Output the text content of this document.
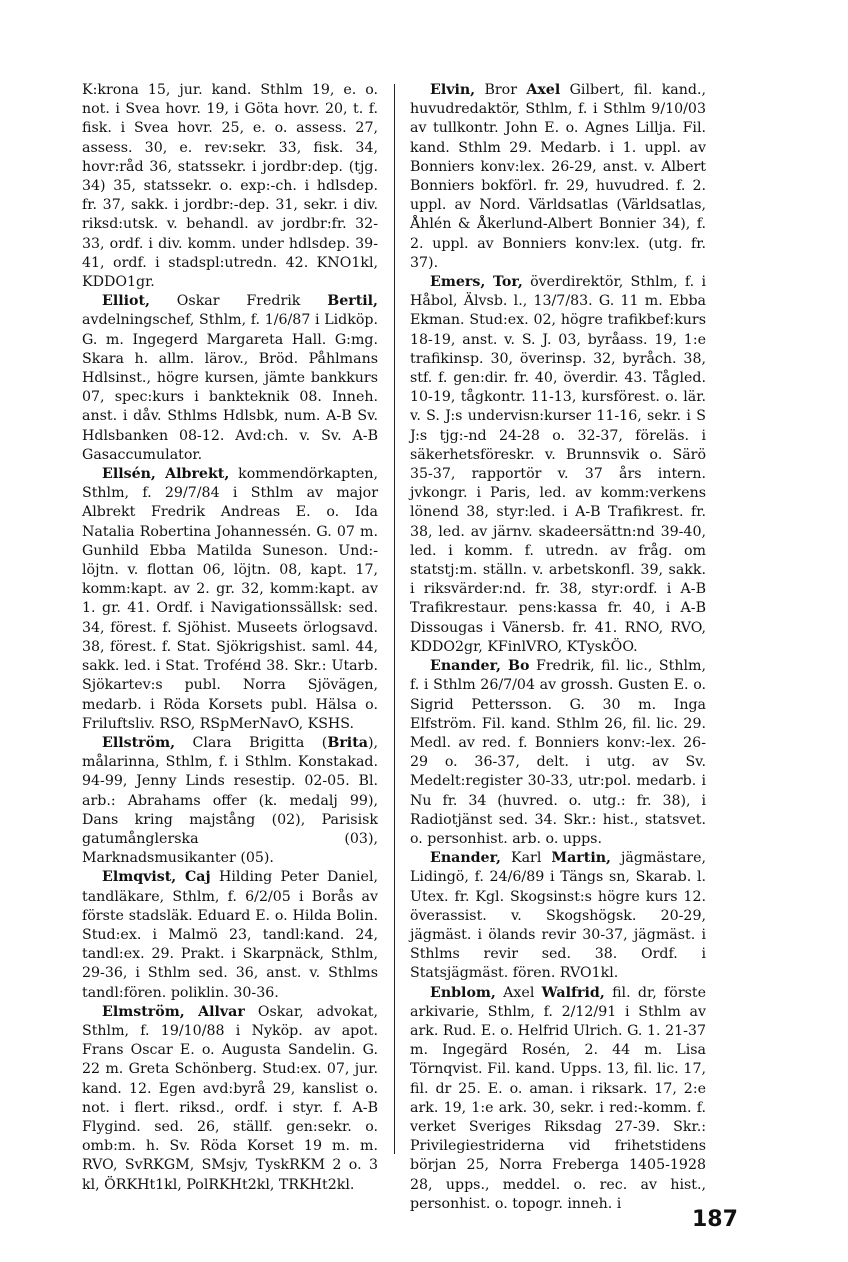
K:krona 15, jur. kand. Sthlm 19, e. o. not. i Svea hovr. 19, i Göta hovr. 20, t. f. fisk. i Svea hovr. 25, e. o. assess. 27, assess. 30, e. rev:sekr. 33, fisk. 34, hovr:råd 36, statssekr. i jordbr:dep. (tjg. 34) 35, statssekr. o. exp:-ch. i hdlsdep. fr. 37, sakk. i jordbr:-dep. 31, sekr. i div. riksd:utsk. v. behandl. av jordbr:fr. 32-33, ordf. i div. komm. under hdlsdep. 39-41, ordf. i stadspl:utredn. 42. KNO1kl, KDDO1gr.

Elliot, Oskar Fredrik Bertil, avdelningschef, Sthlm, f. 1/6/87 i Lidköp. G. m. Ingegerd Margareta Hall. G:mg. Skara h. allm. lärov., Bröd. Påhlmans Hdlsinst., högre kursen, jämte bankkurs 07, spec:kurs i bankteknik 08. Inneh. anst. i dåv. Sthlms Hdlsbk, num. A-B Sv. Hdlsbanken 08-12. Avd:ch. v. Sv. A-B Gasaccumulator.

Ellsén, Albrekt, kommendörkapten, Sthlm, f. 29/7/84 i Sthlm av major Albrekt Fredrik Andreas E. o. Ida Natalia Robertina Johannessén. G. 07 m. Gunhild Ebba Matilda Suneson. Und:-löjtn. v. flottan 06, löjtn. 08, kapt. 17, komm:kapt. av 2. gr. 32, komm:kapt. av 1. gr. 41. Ordf. i Navigationssällsk: sed. 34, förest. f. Sjöhist. Museets örlogsavd. 38, förest. f. Stat. Sjökrigshist. saml. 44, sakk. led. i Stat. Troféнd 38. Skr.: Utarb. Sjökartev:s publ. Norra Sjövägen, medarb. i Röda Korsets publ. Hälsa o. Friluftsliv. RSO, RSpMerNavO, KSHS.

Ellström, Clara Brigitta (Brita), målarinna, Sthlm, f. i Sthlm. Konstakad. 94-99, Jenny Linds resestip. 02-05. Bl. arb.: Abrahams offer (k. medalj 99), Dans kring majstång (02), Parisisk gatumånglerska (03), Marknadsmusikanter (05).

Elmqvist, Caj Hilding Peter Daniel, tandläkare, Sthlm, f. 6/2/05 i Borås av förste stadsläk. Eduard E. o. Hilda Bolin. Stud:ex. i Malmö 23, tandl:kand. 24, tandl:ex. 29. Prakt. i Skarpnäck, Sthlm, 29-36, i Sthlm sed. 36, anst. v. Sthlms tandl:fören. poliklin. 30-36.

Elmström, Allvar Oskar, advokat, Sthlm, f. 19/10/88 i Nyköp. av apot. Frans Oscar E. o. Augusta Sandelin. G. 22 m. Greta Schönberg. Stud:ex. 07, jur. kand. 12. Egen avd:byrå 29, kanslist o. not. i flert. riksd., ordf. i styr. f. A-B Flygind. sed. 26, ställf. gen:sekr. o. omb:m. h. Sv. Röda Korset 19 m. m. RVO, SvRKGM, SMsjv, TyskRKM 2 o. 3 kl, ÖRKHt1kl, PolRKHt2kl, TRKHt2kl.

Elvin, Bror Axel Gilbert, fil. kand., huvudredaktör, Sthlm, f. i Sthlm 9/10/03 av tullkontr. John E. o. Agnes Lillja. Fil. kand. Sthlm 29. Medarb. i 1. uppl. av Bonniers konv:lex. 26-29, anst. v. Albert Bonniers bokförl. fr. 29, huvudred. f. 2. uppl. av Nord. Världsatlas (Världsatlas, Åhlén & Åkerlund-Albert Bonnier 34), f. 2. uppl. av Bonniers konv:lex. (utg. fr. 37).

Emers, Tor, överdirektör, Sthlm, f. i Håbol, Älvsb. l., 13/7/83. G. 11 m. Ebba Ekman. Stud:ex. 02, högre trafikbef:kurs 18-19, anst. v. S. J. 03, byråass. 19, 1:e trafikinsp. 30, överinsp. 32, byråch. 38, stf. f. gen:dir. fr. 40, överdir. 43. Tågled. 10-19, tågkontr. 11-13, kursförest. o. lär. v. S. J:s undervisn:kurser 11-16, sekr. i S J:s tjg:-nd 24-28 o. 32-37, föreläs. i säkerhetsföreskr. v. Brunnsvik o. Särö 35-37, rapportör v. 37 års intern. jvkongr. i Paris, led. av komm:verkens lönend 38, styr:led. i A-B Trafikrest. fr. 38, led. av järnv. skadeersättn:nd 39-40, led. i komm. f. utredn. av fråg. om statstj:m. ställn. v. arbetskonfl. 39, sakk. i riksvärder:nd. fr. 38, styr:ordf. i A-B Trafikrestaur. pens:kassa fr. 40, i A-B Dissougas i Vänersb. fr. 41. RNO, RVO, KDDO2gr, KFinlVRO, KTyskÖO.

Enander, Bo Fredrik, fil. lic., Sthlm, f. i Sthlm 26/7/04 av grossh. Gusten E. o. Sigrid Pettersson. G. 30 m. Inga Elfström. Fil. kand. Sthlm 26, fil. lic. 29. Medl. av red. f. Bonniers konv:-lex. 26-29 o. 36-37, delt. i utg. av Sv. Medelt:register 30-33, utr:pol. medarb. i Nu fr. 34 (huvred. o. utg.: fr. 38), i Radiotjänst sed. 34. Skr.: hist., statsvet. o. personhist. arb. o. upps.

Enander, Karl Martin, jägmästare, Lidingö, f. 24/6/89 i Tängs sn, Skarab. l. Utex. fr. Kgl. Skogsinst:s högre kurs 12. överassist. v. Skogshögsk. 20-29, jägmäst. i ölands revir 30-37, jägmäst. i Sthlms revir sed. 38. Ordf. i Statsjägmäst. fören. RVO1kl.

Enblom, Axel Walfrid, fil. dr, förste arkivarie, Sthlm, f. 2/12/91 i Sthlm av ark. Rud. E. o. Helfrid Ulrich. G. 1. 21-37 m. Ingegärd Rosén, 2. 44 m. Lisa Törnqvist. Fil. kand. Upps. 13, fil. lic. 17, fil. dr 25. E. o. aman. i riksark. 17, 2:e ark. 19, 1:e ark. 30, sekr. i red:-komm. f. verket Sveriges Riksdag 27-39. Skr.: Privilegiestriderna vid frihetstidens början 25, Norra Freberga 1405-1928 28, upps., meddel. o. rec. av hist., personhist. o. topogr. inneh. i

187
